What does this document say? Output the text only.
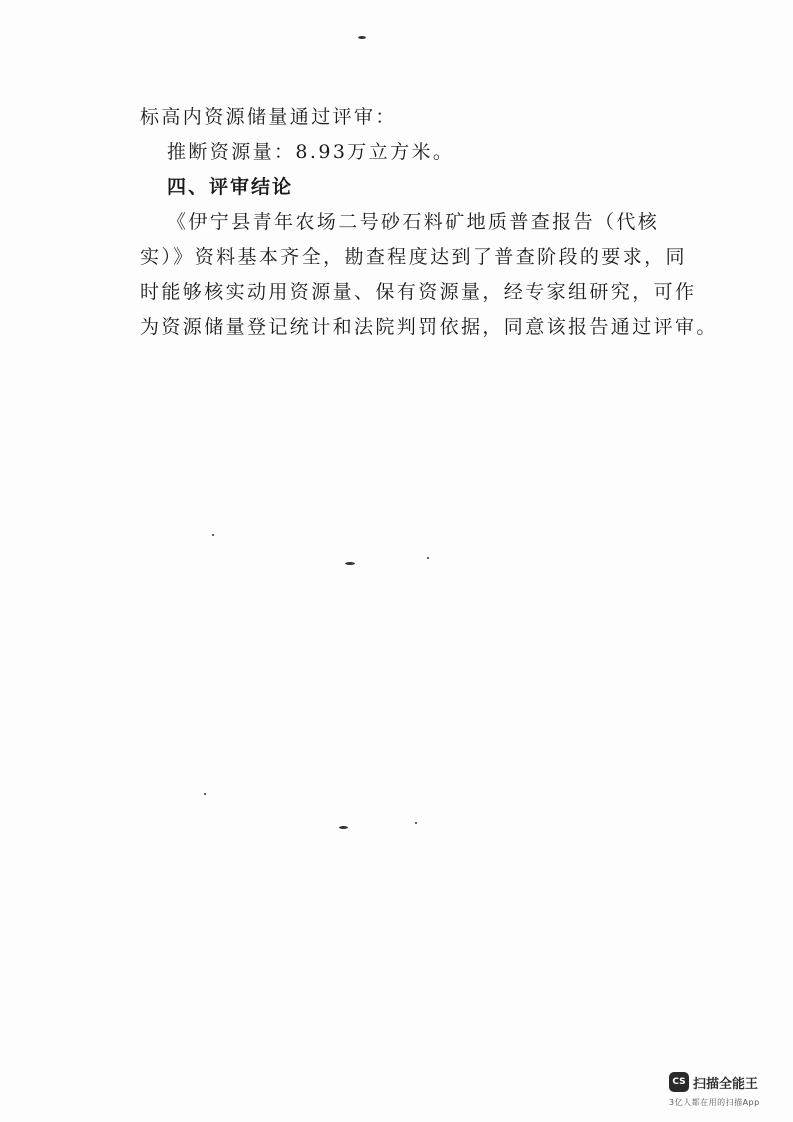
标高内资源储量通过评审：
推断资源量：8.93万立方米。
四、评审结论
《伊宁县青年农场二号砂石料矿地质普查报告（代核
实）》资料基本齐全，勘查程度达到了普查阶段的要求，同
时能够核实动用资源量、保有资源量，经专家组研究，可作
为资源储量登记统计和法院判罚依据，同意该报告通过评审。
CS 扫描全能王
3亿人都在用的扫描App
